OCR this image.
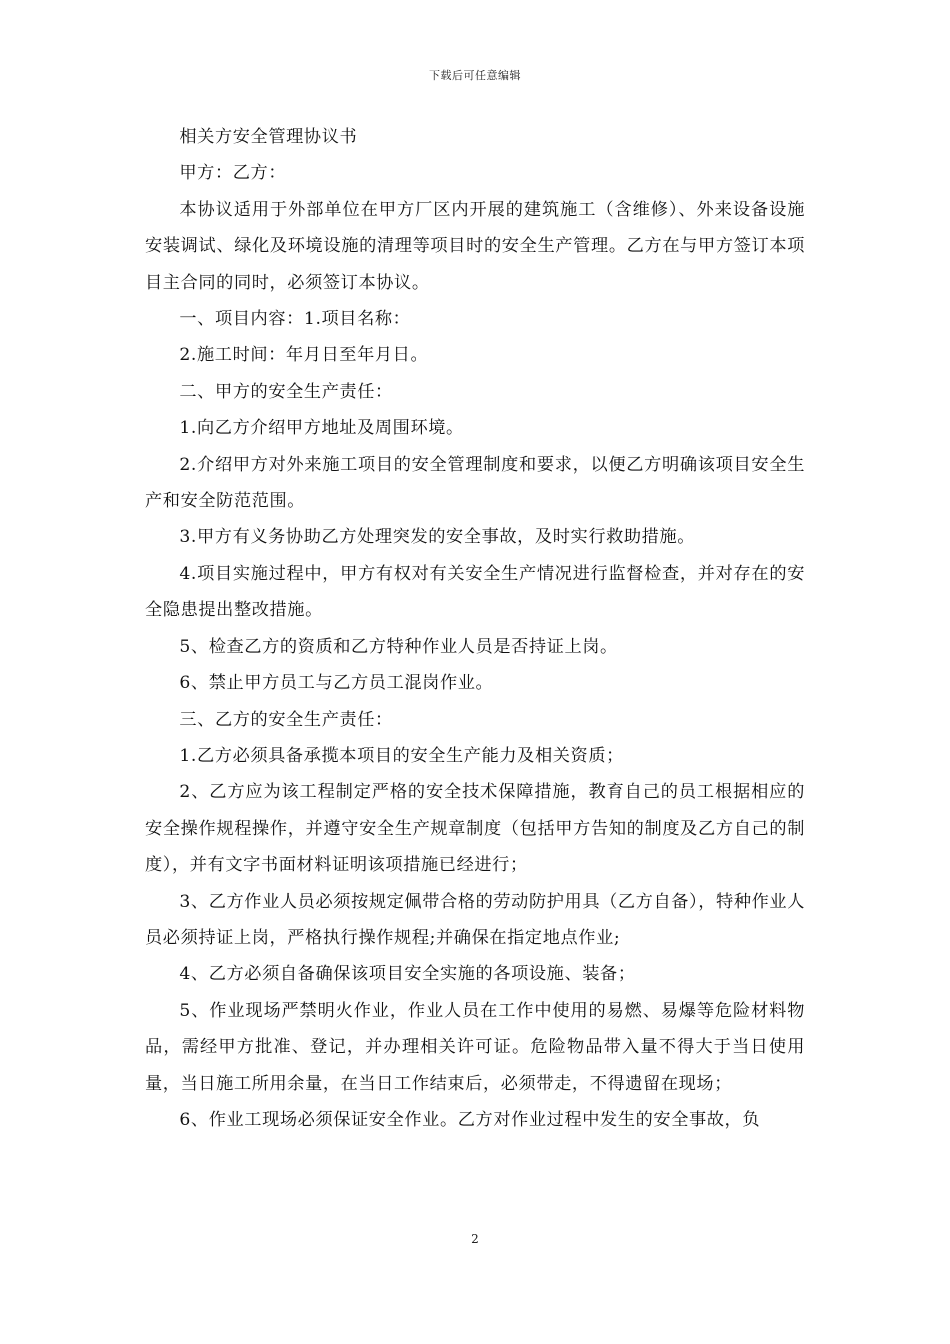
下载后可任意编辑

相关方安全管理协议书

甲方：乙方：

本协议适用于外部单位在甲方厂区内开展的建筑施工（含维修）、外来设备设施安装调试、绿化及环境设施的清理等项目时的安全生产管理。乙方在与甲方签订本项目主合同的同时，必须签订本协议。

一、项目内容：1.项目名称：

2.施工时间：年月日至年月日。

二、甲方的安全生产责任：

1.向乙方介绍甲方地址及周围环境。

2.介绍甲方对外来施工项目的安全管理制度和要求，以便乙方明确该项目安全生产和安全防范范围。

3.甲方有义务协助乙方处理突发的安全事故，及时实行救助措施。

4.项目实施过程中，甲方有权对有关安全生产情况进行监督检查，并对存在的安全隐患提出整改措施。

5、检查乙方的资质和乙方特种作业人员是否持证上岗。

6、禁止甲方员工与乙方员工混岗作业。

三、乙方的安全生产责任：

1.乙方必须具备承揽本项目的安全生产能力及相关资质；

2、乙方应为该工程制定严格的安全技术保障措施，教育自己的员工根据相应的安全操作规程操作，并遵守安全生产规章制度（包括甲方告知的制度及乙方自己的制度），并有文字书面材料证明该项措施已经进行；

3、乙方作业人员必须按规定佩带合格的劳动防护用具（乙方自备），特种作业人员必须持证上岗，严格执行操作规程;并确保在指定地点作业;

4、乙方必须自备确保该项目安全实施的各项设施、装备；

5、作业现场严禁明火作业，作业人员在工作中使用的易燃、易爆等危险材料物品，需经甲方批准、登记，并办理相关许可证。危险物品带入量不得大于当日使用量，当日施工所用余量，在当日工作结束后，必须带走，不得遗留在现场；

6、作业工现场必须保证安全作业。乙方对作业过程中发生的安全事故，负

2
